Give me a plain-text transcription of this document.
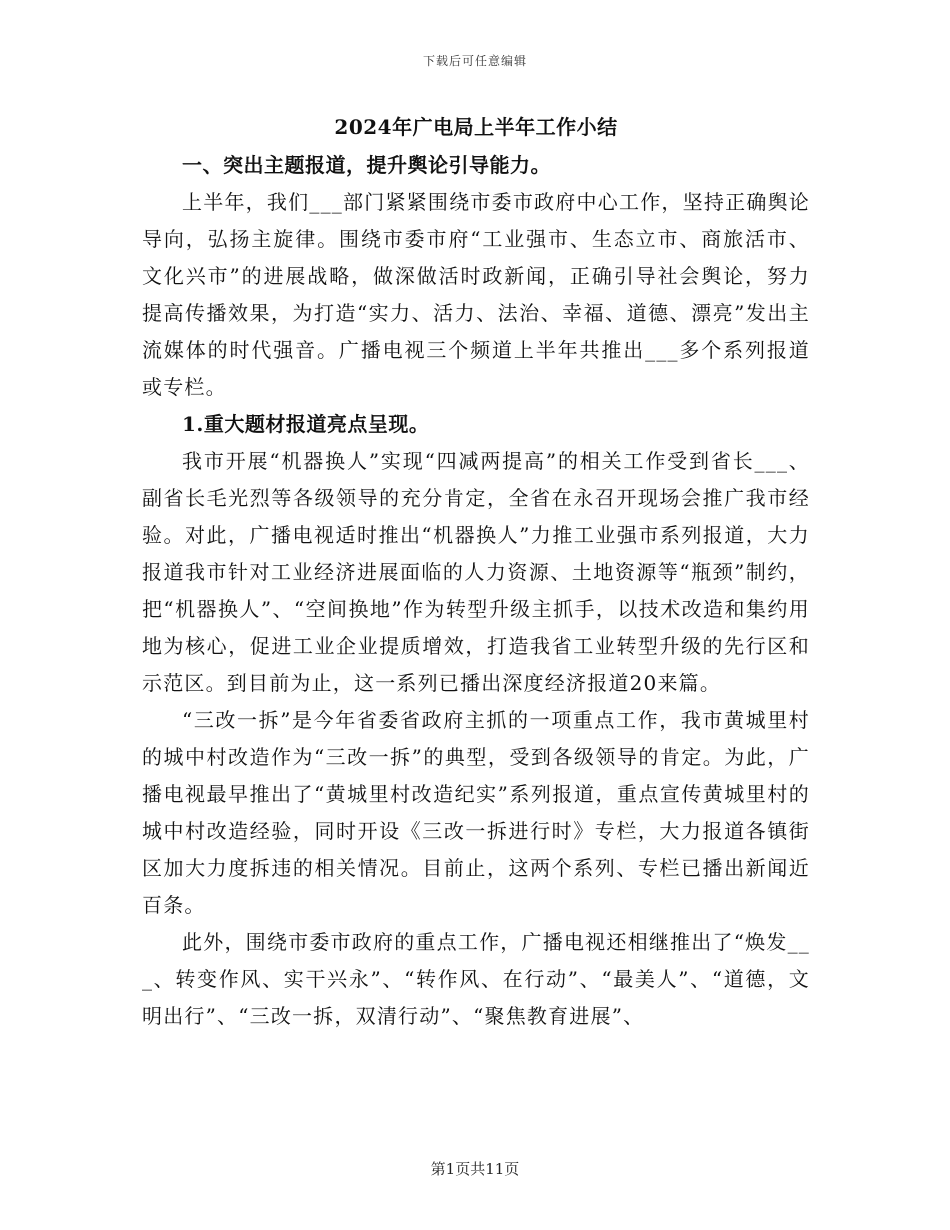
下载后可任意编辑
2024年广电局上半年工作小结
一、突出主题报道，提升舆论引导能力。

上半年，我们___部门紧紧围绕市委市政府中心工作，坚持正确舆论导向，弘扬主旋律。围绕市委市府“工业强市、生态立市、商旅活市、文化兴市”的进展战略，做深做活时政新闻，正确引导社会舆论，努力提高传播效果，为打造“实力、活力、法治、幸福、道德、漂亮”发出主流媒体的时代强音。广播电视三个频道上半年共推出___多个系列报道或专栏。

1.重大题材报道亮点呈现。

我市开展“机器换人”实现“四减两提高”的相关工作受到省长___、副省长毛光烈等各级领导的充分肯定，全省在永召开现场会推广我市经验。对此，广播电视适时推出“机器换人”力推工业强市系列报道，大力报道我市针对工业经济进展面临的人力资源、土地资源等“瓶颈”制约，把“机器换人”、“空间换地”作为转型升级主抓手，以技术改造和集约用地为核心，促进工业企业提质增效，打造我省工业转型升级的先行区和示范区。到目前为止，这一系列已播出深度经济报道20来篇。

“三改一拆”是今年省委省政府主抓的一项重点工作，我市黄城里村的城中村改造作为“三改一拆”的典型，受到各级领导的肯定。为此，广播电视最早推出了“黄城里村改造纪实”系列报道，重点宣传黄城里村的城中村改造经验，同时开设《三改一拆进行时》专栏，大力报道各镇街区加大力度拆违的相关情况。目前止，这两个系列、专栏已播出新闻近百条。

此外，围绕市委市政府的重点工作，广播电视还相继推出了“焕发___、转变作风、实干兴永”、“转作风、在行动”、“最美人”、“道德，文明出行”、“三改一拆，双清行动”、“聚焦教育进展”、

第1页共11页
